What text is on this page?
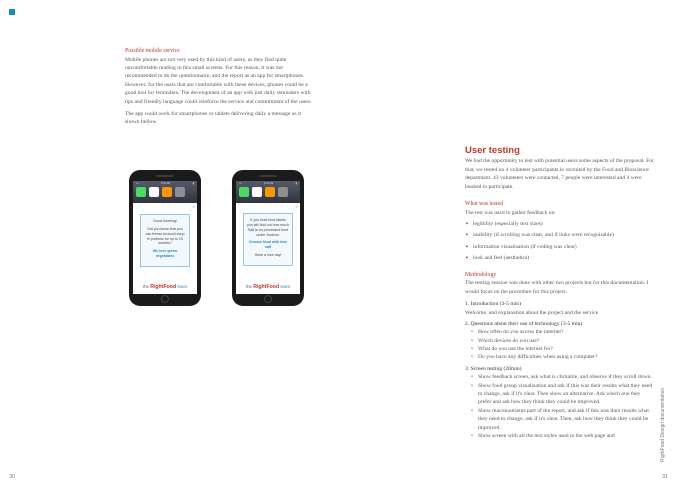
Possible mobile service

Mobile phones are not very used by this kind of users, as they find quite uncomfortable reading in this small screens. For this reason, it was not recommended to do the questionnaire, and the report as an app for smartphones. However, for the users that are comfortable with these devices, phones could be a good tool for reminders. The development of an app with just daily reminders with tips and friendly language could reinforce the service and commitment of the users.

The app could work for smartphones or tablets delivering daily a message as it shown bellow.

•••	9:41 AM	▮
✕

Good morning!

Did you know that you can freeze broccoli soup in portions for up to 10 months?

We love green vegetables

the RightFood team
•••	9:41 AM	▮
✕

If you read food labels you will find out how much Salt is on processed food under Sodium.

Choose food with less salt

Have a nice day!

the RightFood team
User testing

We had the opportunity to test with potential users some aspects of the proposal. For that, we tested on 4 volunteer participants in recruited by the Food and Bioscience department. 43 volunteers were contacted, 7 people were interested and 4 were booked to participate.

What was tested

The test was used to gather feedback on:

✦ legibility (especially text sizes)
✦ usability (if scrolling was clear, and if links were recognisable)
✦ information visualisation (if coding was clear)
✦ look and feel (aesthetics)
Methodology

The testing session was done with other two projects but for this documentation. I would focus on the procedure for this project.

1. Introduction (3-5 min)

Welcome, and explanation about the project and the service

2. Questions about their use of technology (3-5 min)
• How often do you access the internet?
• Which devices do you use?
• What do you use the internet for?
• Do you have any difficulties when using a computer?
3. Screen testing (20min)
• Show feedback screen, ask what is clickable, and observe if they scroll down.
• Show food group visualisation and ask if this was their results what they need to change, ask if it's clear. Then show an alternative. Ask which one they prefer and ask how they think they could be improved.
• Show macronutrients part of the report, and ask if this was their results what they need to change, ask if it's clear. Then, ask how they think they could be improved.
• Show screen with all the text styles used in the web page and
30	31
RightFood Design documentation
